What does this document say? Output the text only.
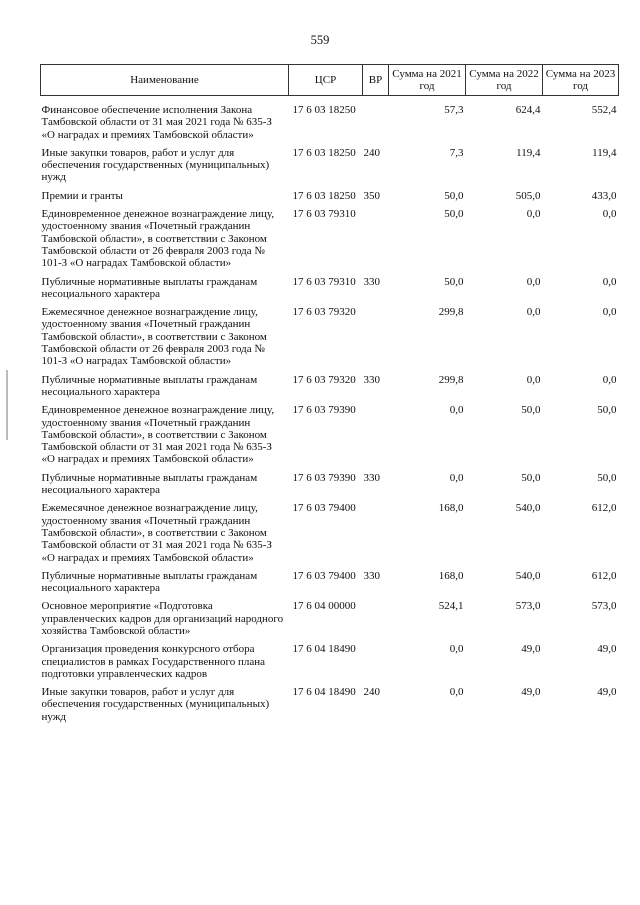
559
Наименование	ЦСР	ВР	Сумма на 2021 год	Сумма на 2022 год	Сумма на 2023 год
Финансовое обеспечение исполнения Закона Тамбовской области от 31 мая 2021 года № 635-З «О наградах и премиях Тамбовской области»	17 6 03 18250		57,3	624,4	552,4

Иные закупки товаров, работ и услуг для обеспечения государственных (муниципальных) нужд	17 6 03 18250	240	7,3	119,4	119,4

Премии и гранты	17 6 03 18250	350	50,0	505,0	433,0

Единовременное денежное вознаграждение лицу, удостоенному звания «Почетный гражданин Тамбовской области», в соответствии с Законом Тамбовской области от 26 февраля 2003 года № 101-З «О наградах Тамбовской области»	17 6 03 79310		50,0	0,0	0,0

Публичные нормативные выплаты гражданам несоциального характера	17 6 03 79310	330	50,0	0,0	0,0

Ежемесячное денежное вознаграждение лицу, удостоенному звания «Почетный гражданин Тамбовской области», в соответствии с Законом Тамбовской области от 26 февраля 2003 года № 101-З «О наградах Тамбовской области»	17 6 03 79320		299,8	0,0	0,0

Публичные нормативные выплаты гражданам несоциального характера	17 6 03 79320	330	299,8	0,0	0,0

Единовременное денежное вознаграждение лицу, удостоенному звания «Почетный гражданин Тамбовской области», в соответствии с Законом Тамбовской области от 31 мая 2021 года № 635-З «О наградах и премиях Тамбовской области»	17 6 03 79390		0,0	50,0	50,0

Публичные нормативные выплаты гражданам несоциального характера	17 6 03 79390	330	0,0	50,0	50,0

Ежемесячное денежное вознаграждение лицу, удостоенному звания «Почетный гражданин Тамбовской области», в соответствии с Законом Тамбовской области от 31 мая 2021 года № 635-З «О наградах и премиях Тамбовской области»	17 6 03 79400		168,0	540,0	612,0

Публичные нормативные выплаты гражданам несоциального характера	17 6 03 79400	330	168,0	540,0	612,0

Основное мероприятие «Подготовка управленческих кадров для организаций народного хозяйства Тамбовской области»	17 6 04 00000		524,1	573,0	573,0

Организация проведения конкурсного отбора специалистов в рамках Государственного плана подготовки управленческих кадров	17 6 04 18490		0,0	49,0	49,0

Иные закупки товаров, работ и услуг для обеспечения государственных (муниципальных) нужд	17 6 04 18490	240	0,0	49,0	49,0
